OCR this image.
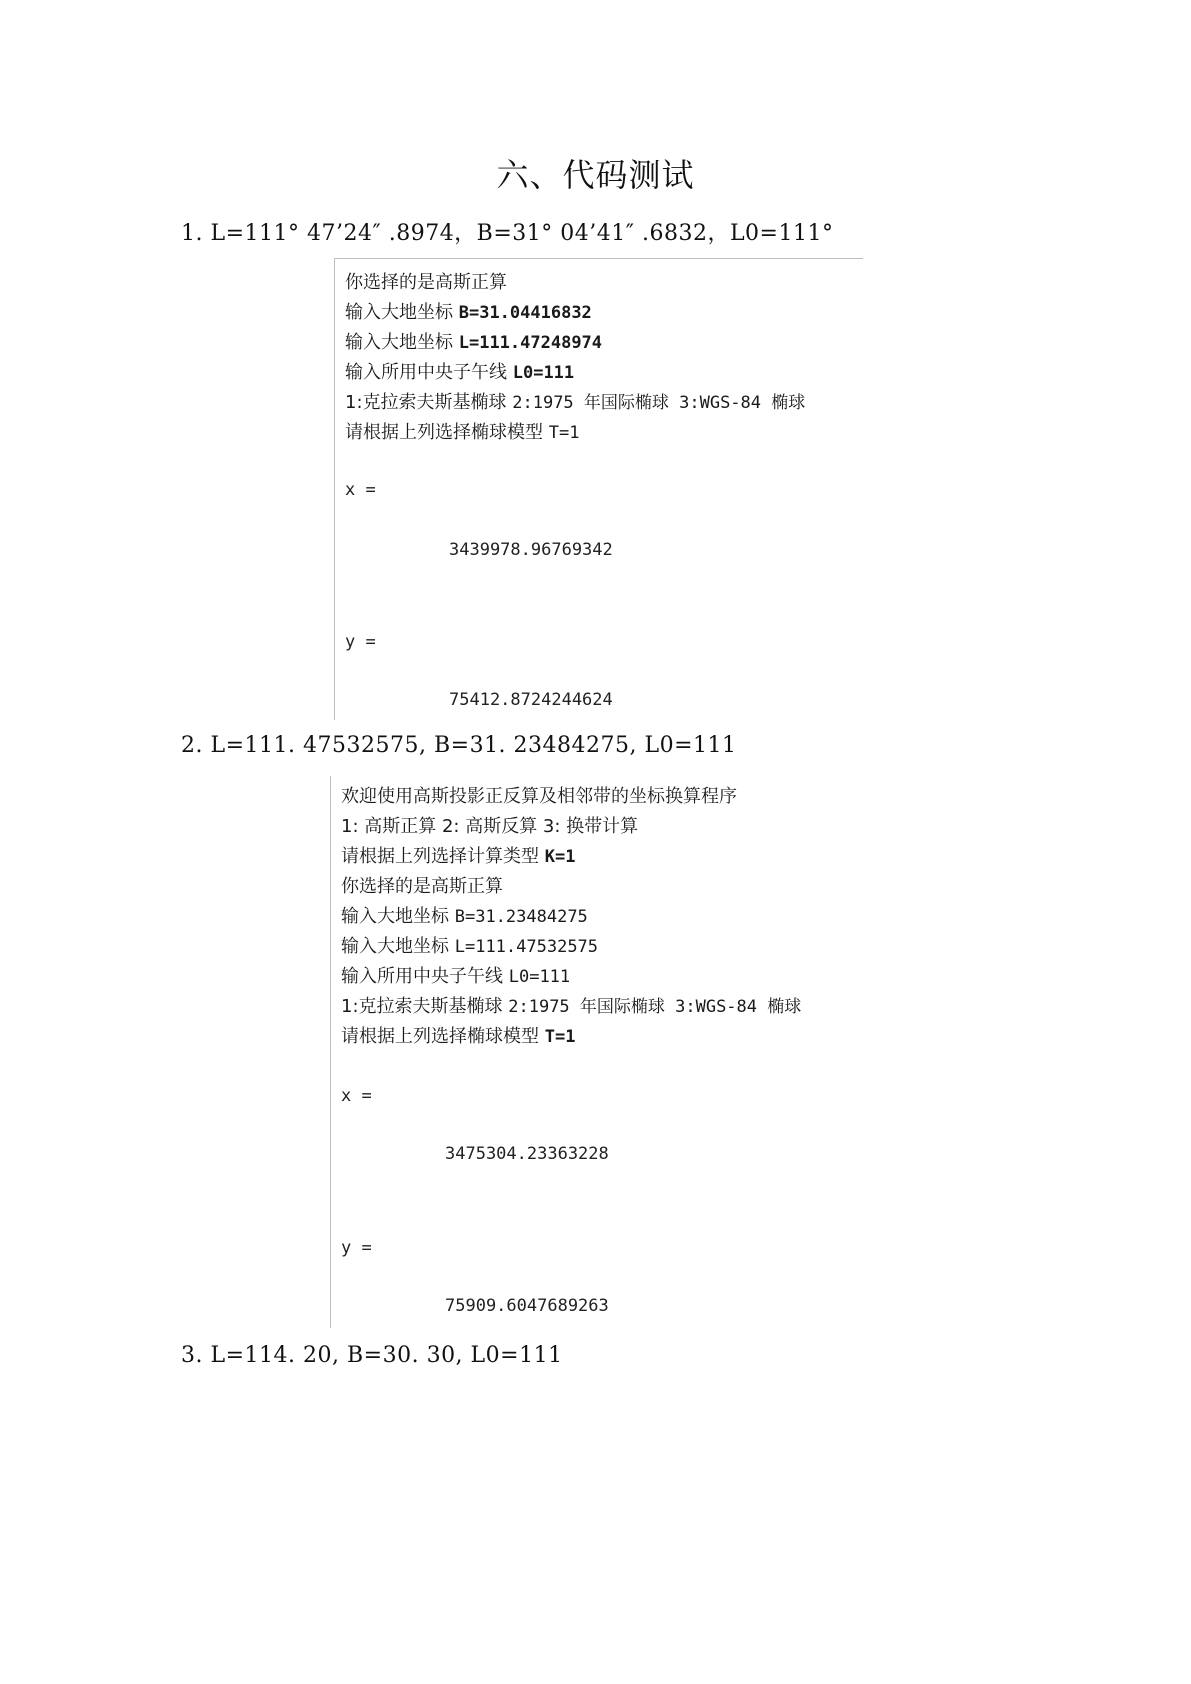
六、代码测试
1. L=111° 47’24″ .8974，B=31° 04’41″ .6832，L0=111°
你选择的是高斯正算
输入大地坐标 B=31.04416832
输入大地坐标 L=111.47248974
输入所用中央子午线 L0=111
1:克拉索夫斯基椭球 2:1975 年国际椭球 3:WGS-84 椭球
请根据上列选择椭球模型 T=1
x =
3439978.96769342
y =
75412.8724244624
2. L=111. 47532575, B=31. 23484275, L0=111
欢迎使用高斯投影正反算及相邻带的坐标换算程序
1: 高斯正算 2: 高斯反算 3: 换带计算
请根据上列选择计算类型 K=1
你选择的是高斯正算
输入大地坐标 B=31.23484275
输入大地坐标 L=111.47532575
输入所用中央子午线 L0=111
1:克拉索夫斯基椭球 2:1975 年国际椭球 3:WGS-84 椭球
请根据上列选择椭球模型 T=1
x =
3475304.23363228
y =
75909.6047689263
3. L=114. 20, B=30. 30, L0=111
